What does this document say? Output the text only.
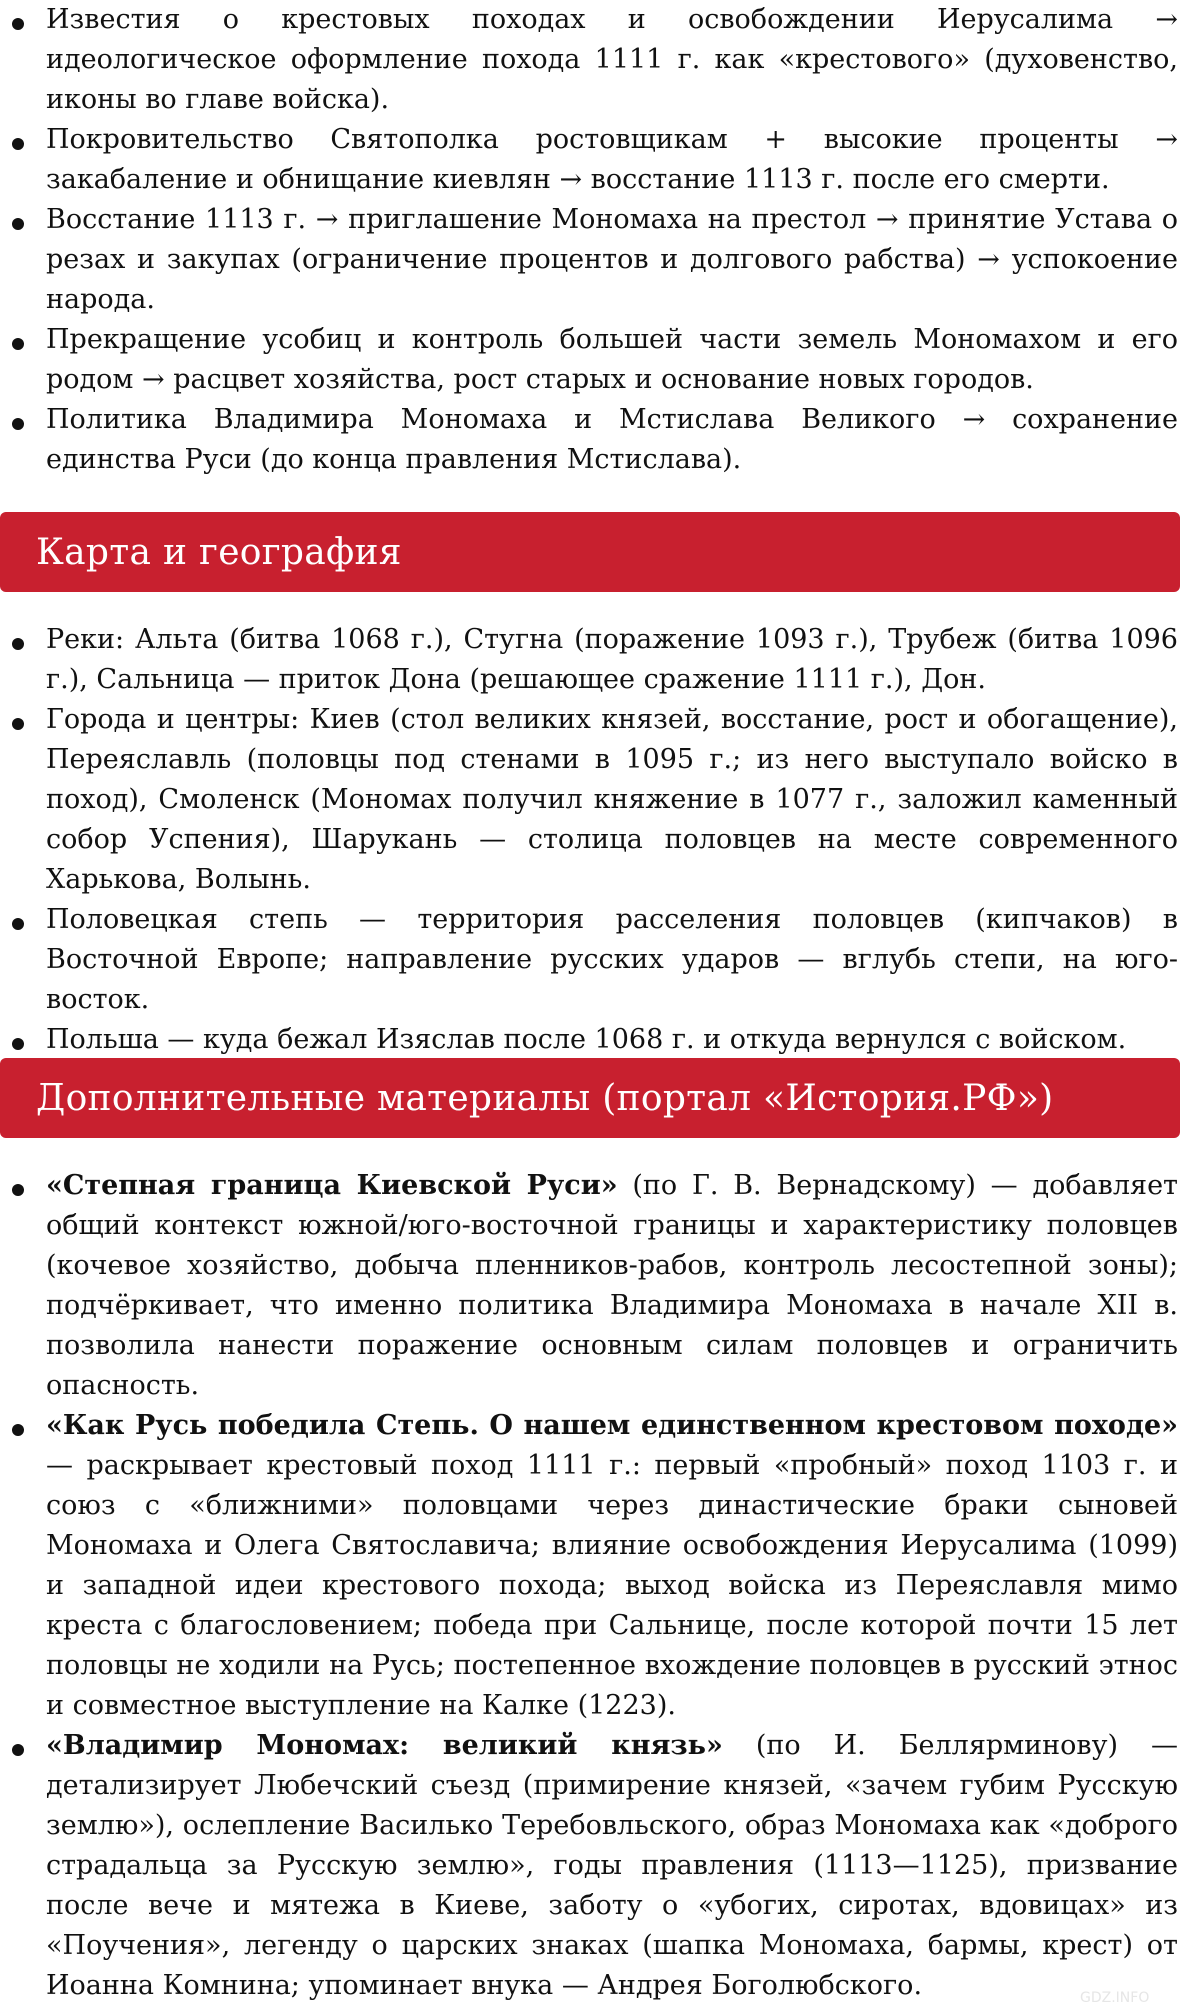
Известия о крестовых походах и освобождении Иерусалима → идеологическое оформление похода 1111 г. как «крестового» (духовенство, иконы во главе войска).
Покровительство Святополка ростовщикам + высокие проценты → закабаление и обнищание киевлян → восстание 1113 г. после его смерти.
Восстание 1113 г. → приглашение Мономаха на престол → принятие Устава о резах и закупах (ограничение процентов и долгового рабства) → успокоение народа.
Прекращение усобиц и контроль большей части земель Мономахом и его родом → расцвет хозяйства, рост старых и основание новых городов.
Политика Владимира Мономаха и Мстислава Великого → сохранение единства Руси (до конца правления Мстислава).
Карта и география
Реки: Альта (битва 1068 г.), Стугна (поражение 1093 г.), Трубеж (битва 1096 г.), Сальница — приток Дона (решающее сражение 1111 г.), Дон.
Города и центры: Киев (стол великих князей, восстание, рост и обогащение), Переяславль (половцы под стенами в 1095 г.; из него выступало войско в поход), Смоленск (Мономах получил княжение в 1077 г., заложил каменный собор Успения), Шарукань — столица половцев на месте современного Харькова, Волынь.
Половецкая степь — территория расселения половцев (кипчаков) в Восточной Европе; направление русских ударов — вглубь степи, на юго-восток.
Польша — куда бежал Изяслав после 1068 г. и откуда вернулся с войском.
Дополнительные материалы (портал «История.РФ»)
«Степная граница Киевской Руси» (по Г. В. Вернадскому) — добавляет общий контекст южной/юго-восточной границы и характеристику половцев (кочевое хозяйство, добыча пленников-рабов, контроль лесостепной зоны); подчёркивает, что именно политика Владимира Мономаха в начале XII в. позволила нанести поражение основным силам половцев и ограничить опасность.
«Как Русь победила Степь. О нашем единственном крестовом походе» — раскрывает крестовый поход 1111 г.: первый «пробный» поход 1103 г. и союз с «ближними» половцами через династические браки сыновей Мономаха и Олега Святославича; влияние освобождения Иерусалима (1099) и западной идеи крестового похода; выход войска из Переяславля мимо креста с благословением; победа при Сальнице, после которой почти 15 лет половцы не ходили на Русь; постепенное вхождение половцев в русский этнос и совместное выступление на Калке (1223).
«Владимир Мономах: великий князь» (по И. Беллярминову) — детализирует Любечский съезд (примирение князей, «зачем губим Русскую землю»), ослепление Василько Теребовльского, образ Мономаха как «доброго страдальца за Русскую землю», годы правления (1113—1125), призвание после вече и мятежа в Киеве, заботу о «убогих, сиротах, вдовицах» из «Поучения», легенду о царских знаках (шапка Мономаха, бармы, крест) от Иоанна Комнина; упоминает внука — Андрея Боголюбского.	GDZ.INFO
